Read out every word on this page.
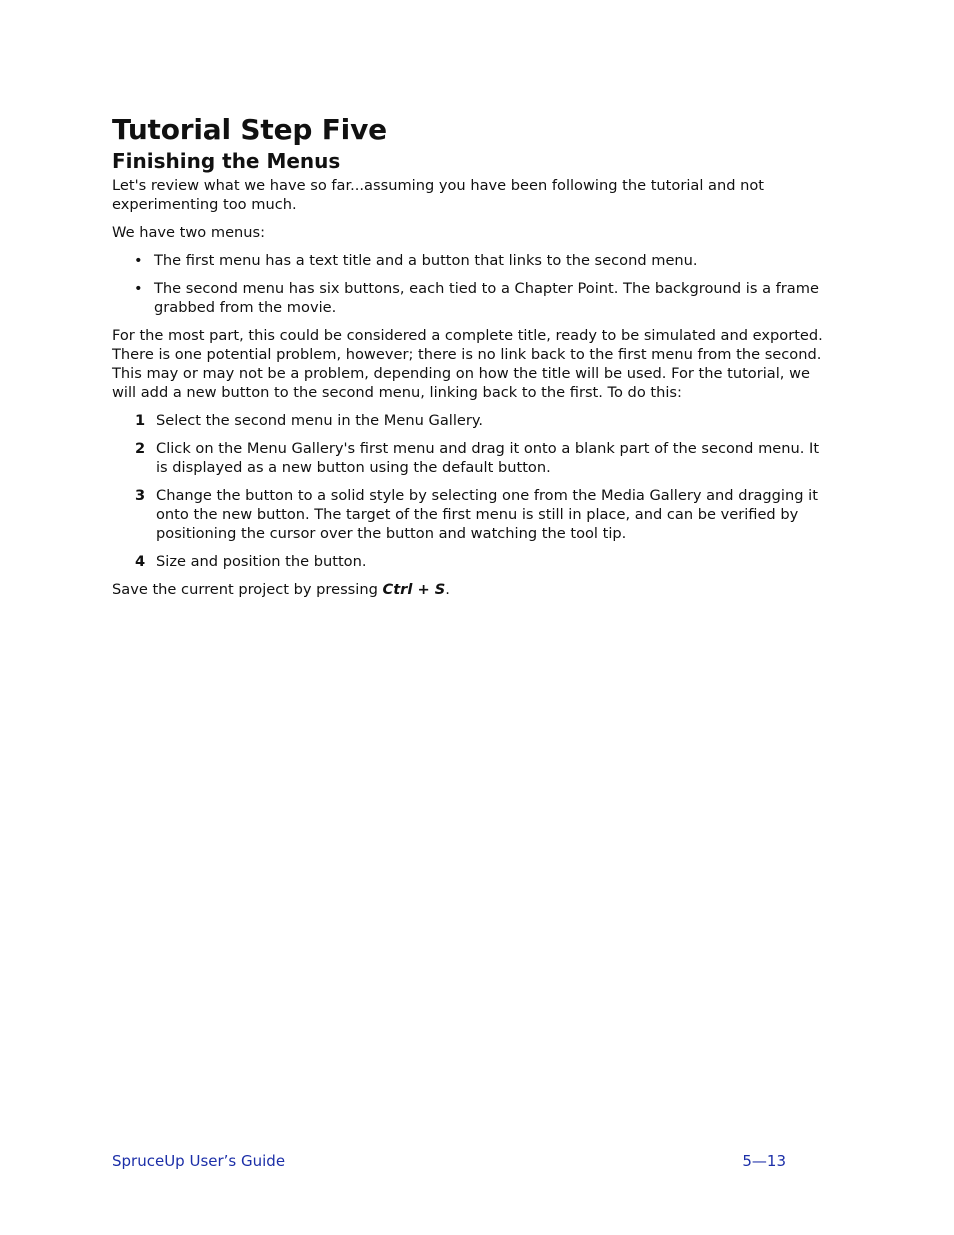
Tutorial Step Five
Finishing the Menus

Let's review what we have so far...assuming you have been following the tutorial and not experimenting too much.

We have two menus:

• The first menu has a text title and a button that links to the second menu.
• The second menu has six buttons, each tied to a Chapter Point. The background is a frame grabbed from the movie.

For the most part, this could be considered a complete title, ready to be simulated and exported. There is one potential problem, however; there is no link back to the first menu from the second. This may or may not be a problem, depending on how the title will be used. For the tutorial, we will add a new button to the second menu, linking back to the first. To do this:

1 Select the second menu in the Menu Gallery.
2 Click on the Menu Gallery's first menu and drag it onto a blank part of the second menu. It is displayed as a new button using the default button.
3 Change the button to a solid style by selecting one from the Media Gallery and dragging it onto the new button. The target of the first menu is still in place, and can be verified by positioning the cursor over the button and watching the tool tip.
4 Size and position the button.

Save the current project by pressing Ctrl + S.

SpruceUp User’s Guide	5—13
